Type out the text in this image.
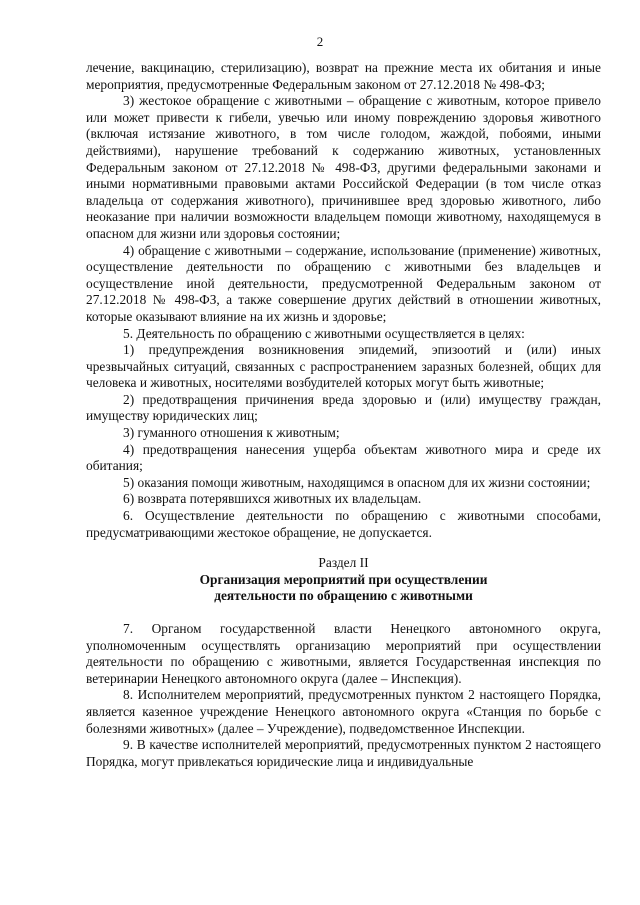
2

лечение, вакцинацию, стерилизацию), возврат на прежние места их обитания и иные мероприятия, предусмотренные Федеральным законом от 27.12.2018 № 498-ФЗ;

3) жестокое обращение с животными – обращение с животным, которое привело или может привести к гибели, увечью или иному повреждению здоровья животного (включая истязание животного, в том числе голодом, жаждой, побоями, иными действиями), нарушение требований к содержанию животных, установленных Федеральным законом от 27.12.2018 № 498-ФЗ, другими федеральными законами и иными нормативными правовыми актами Российской Федерации (в том числе отказ владельца от содержания животного), причинившее вред здоровью животного, либо неоказание при наличии возможности владельцем помощи животному, находящемуся в опасном для жизни или здоровья состоянии;

4) обращение с животными – содержание, использование (применение) животных, осуществление деятельности по обращению с животными без владельцев и осуществление иной деятельности, предусмотренной Федеральным законом от 27.12.2018 № 498-ФЗ, а также совершение других действий в отношении животных, которые оказывают влияние на их жизнь и здоровье;

5. Деятельность по обращению с животными осуществляется в целях:

1) предупреждения возникновения эпидемий, эпизоотий и (или) иных чрезвычайных ситуаций, связанных с распространением заразных болезней, общих для человека и животных, носителями возбудителей которых могут быть животные;

2) предотвращения причинения вреда здоровью и (или) имуществу граждан, имуществу юридических лиц;

3) гуманного отношения к животным;

4) предотвращения нанесения ущерба объектам животного мира и среде их обитания;

5) оказания помощи животным, находящимся в опасном для их жизни состоянии;

6) возврата потерявшихся животных их владельцам.

6. Осуществление деятельности по обращению с животными способами, предусматривающими жестокое обращение, не допускается.

Раздел II
Организация мероприятий при осуществлении
деятельности по обращению с животными

7. Органом государственной власти Ненецкого автономного округа, уполномоченным осуществлять организацию мероприятий при осуществлении деятельности по обращению с животными, является Государственная инспекция по ветеринарии Ненецкого автономного округа (далее – Инспекция).

8. Исполнителем мероприятий, предусмотренных пунктом 2 настоящего Порядка, является казенное учреждение Ненецкого автономного округа «Станция по борьбе с болезнями животных» (далее – Учреждение), подведомственное Инспекции.

9. В качестве исполнителей мероприятий, предусмотренных пунктом 2 настоящего Порядка, могут привлекаться юридические лица и индивидуальные
